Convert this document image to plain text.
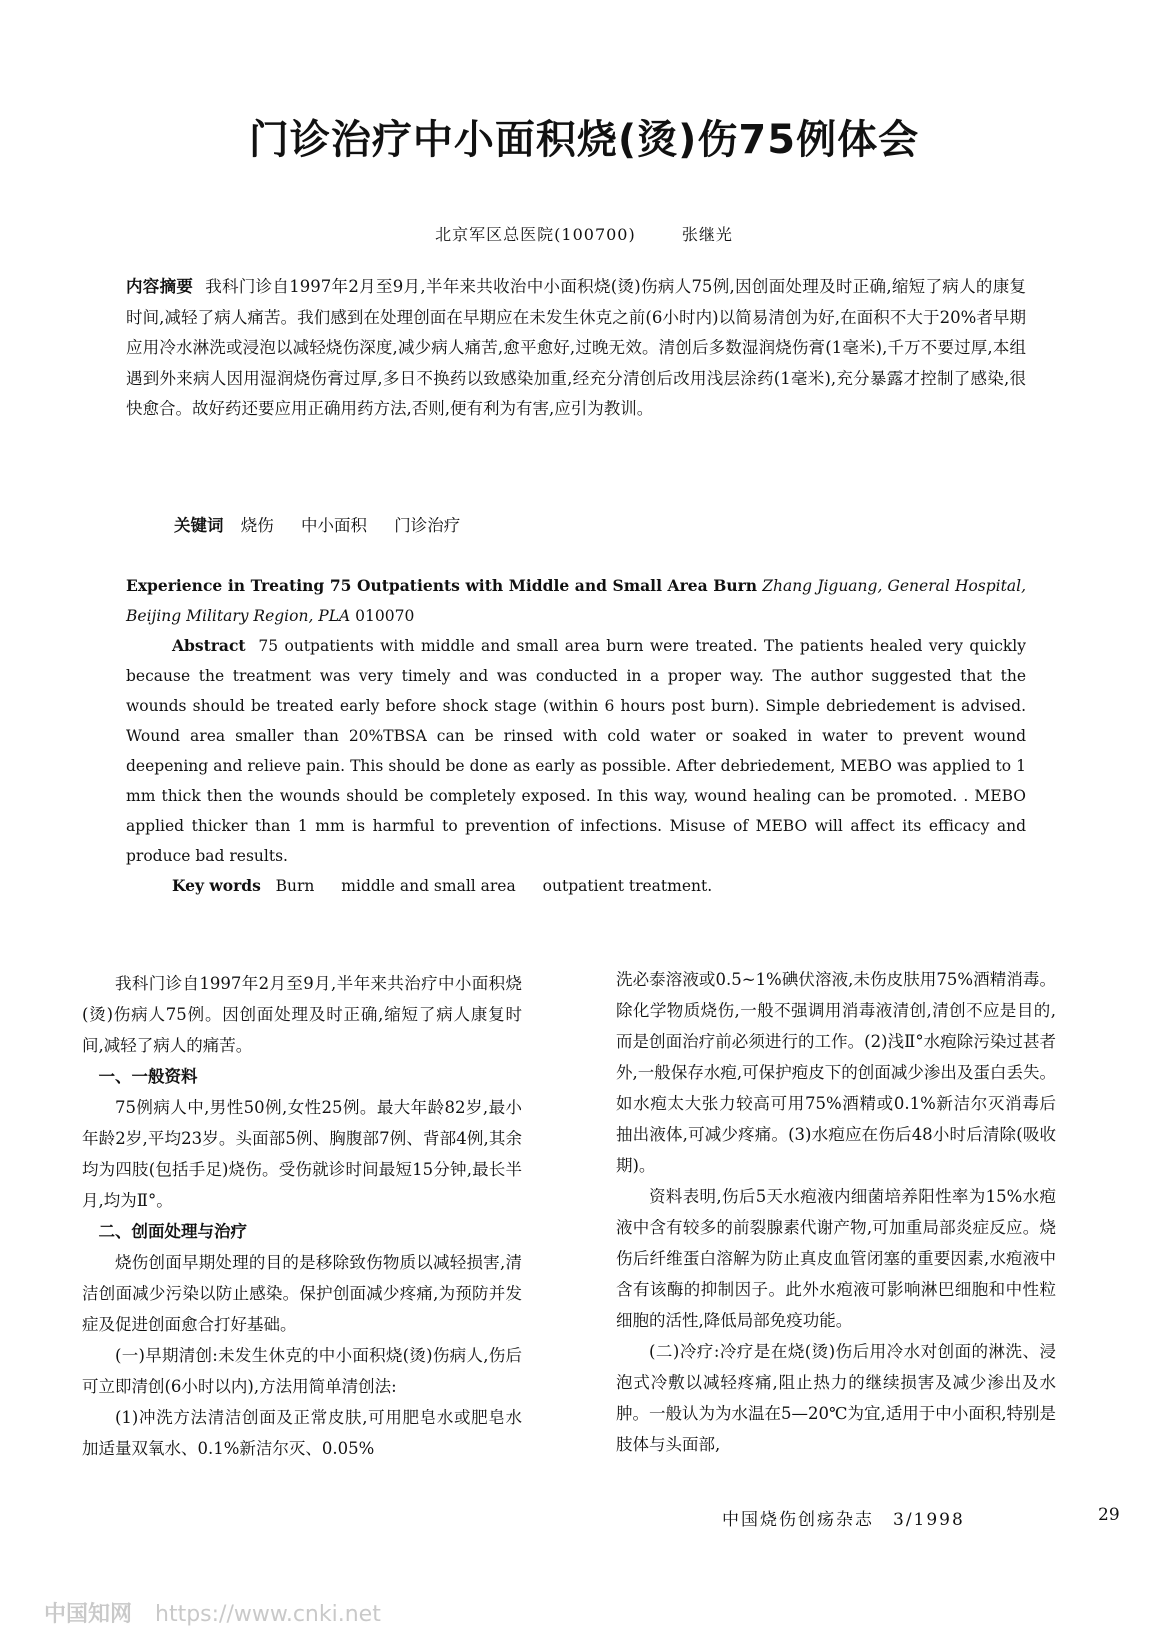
门诊治疗中小面积烧(烫)伤75例体会
北京军区总医院(100700)	张继光

内容摘要 我科门诊自1997年2月至9月,半年来共收治中小面积烧(烫)伤病人75例,因创面处理及时正确,缩短了病人的康复时间,减轻了病人痛苦。我们感到在处理创面在早期应在未发生休克之前(6小时内)以简易清创为好,在面积不大于20%者早期应用冷水淋洗或浸泡以减轻烧伤深度,减少病人痛苦,愈平愈好,过晚无效。清创后多数湿润烧伤膏(1毫米),千万不要过厚,本组遇到外来病人因用湿润烧伤膏过厚,多日不换药以致感染加重,经充分清创后改用浅层涂药(1毫米),充分暴露才控制了感染,很快愈合。故好药还要应用正确用药方法,否则,便有利为有害,应引为教训。

关键词 烧伤 中小面积 门诊治疗

Experience in Treating 75 Outpatients with Middle and Small Area Burn Zhang Jiguang, General Hospital, Beijing Military Region, PLA 010070

Abstract 75 outpatients with middle and small area burn were treated. The patients healed very quickly because the treatment was very timely and was conducted in a proper way. The author suggested that the wounds should be treated early before shock stage (within 6 hours post burn). Simple debriedement is advised. Wound area smaller than 20%TBSA can be rinsed with cold water or soaked in water to prevent wound deepening and relieve pain. This should be done as early as possible. After debriedement, MEBO was applied to 1 mm thick then the wounds should be completely exposed. In this way, wound healing can be promoted. . MEBO applied thicker than 1 mm is harmful to prevention of infections. Misuse of MEBO will affect its efficacy and produce bad results.

Key words Burn middle and small area outpatient treatment.

我科门诊自1997年2月至9月,半年来共治疗中小面积烧(烫)伤病人75例。因创面处理及时正确,缩短了病人康复时间,减轻了病人的痛苦。

一、一般资料

75例病人中,男性50例,女性25例。最大年龄82岁,最小年龄2岁,平均23岁。头面部5例、胸腹部7例、背部4例,其余均为四肢(包括手足)烧伤。受伤就诊时间最短15分钟,最长半月,均为Ⅱ°。

二、创面处理与治疗

烧伤创面早期处理的目的是移除致伤物质以减轻损害,清洁创面减少污染以防止感染。保护创面减少疼痛,为预防并发症及促进创面愈合打好基础。

(一)早期清创:未发生休克的中小面积烧(烫)伤病人,伤后可立即清创(6小时以内),方法用简单清创法:

(1)冲洗方法清洁创面及正常皮肤,可用肥皂水或肥皂水加适量双氧水、0.1%新洁尔灭、0.05%

洗必泰溶液或0.5~1%碘伏溶液,未伤皮肤用75%酒精消毒。除化学物质烧伤,一般不强调用消毒液清创,清创不应是目的,而是创面治疗前必须进行的工作。(2)浅Ⅱ°水疱除污染过甚者外,一般保存水疱,可保护疱皮下的创面减少渗出及蛋白丢失。如水疱太大张力较高可用75%酒精或0.1%新洁尔灭消毒后抽出液体,可减少疼痛。(3)水疱应在伤后48小时后清除(吸收期)。

资料表明,伤后5天水疱液内细菌培养阳性率为15%水疱液中含有较多的前裂腺素代谢产物,可加重局部炎症反应。烧伤后纤维蛋白溶解为防止真皮血管闭塞的重要因素,水疱液中含有该酶的抑制因子。此外水疱液可影响淋巴细胞和中性粒细胞的活性,降低局部免疫功能。

(二)冷疗:冷疗是在烧(烫)伤后用冷水对创面的淋洗、浸泡式冷敷以减轻疼痛,阻止热力的继续损害及减少渗出及水肿。一般认为为水温在5—20℃为宜,适用于中小面积,特别是肢体与头面部,

中国烧伤创疡杂志　3/1998	29
中国知网 https://www.cnki.net
